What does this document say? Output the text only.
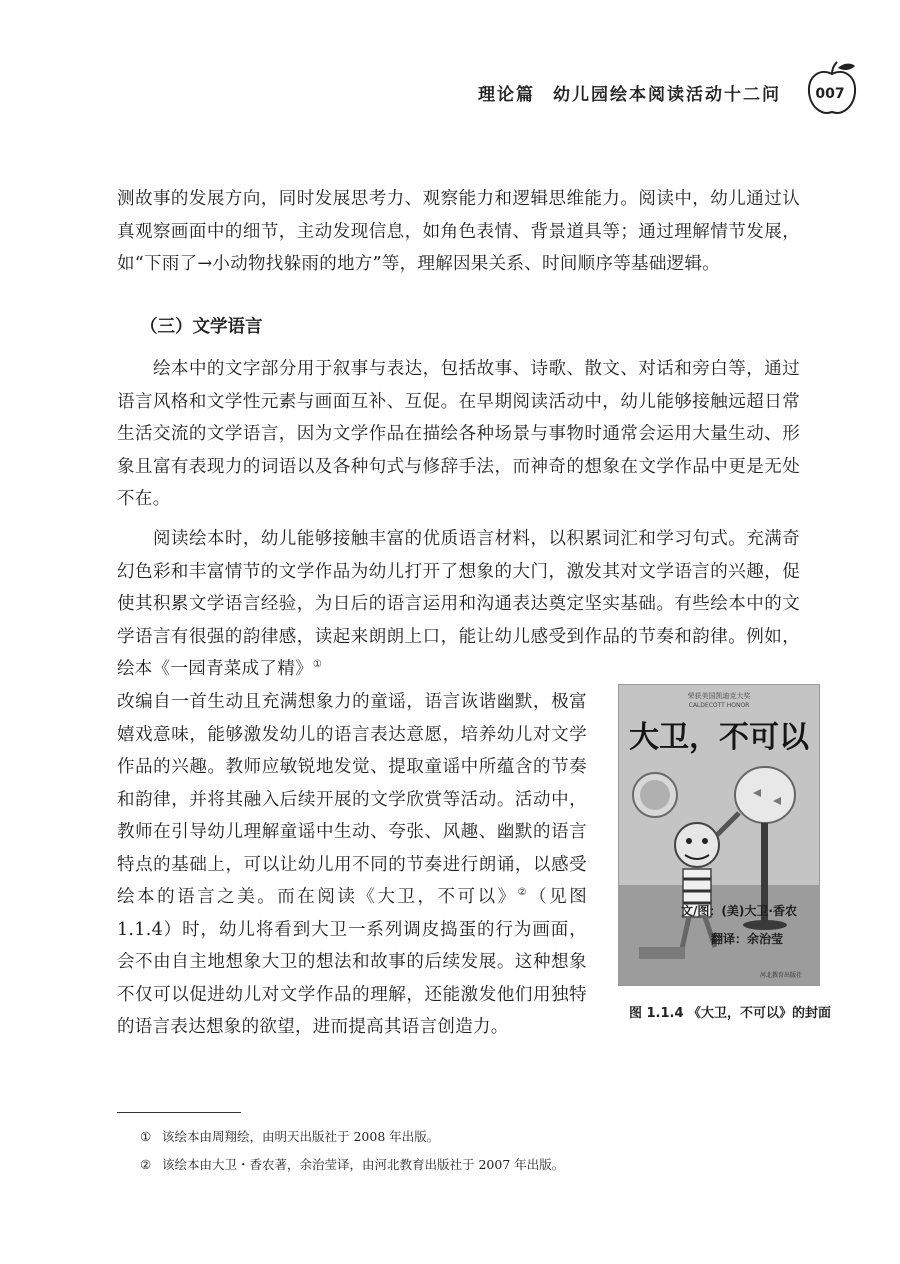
理论篇 幼儿园绘本阅读活动十二问	007

测故事的发展方向，同时发展思考力、观察能力和逻辑思维能力。阅读中，幼儿通过认真观察画面中的细节，主动发现信息，如角色表情、背景道具等；通过理解情节发展，如“下雨了→小动物找躲雨的地方”等，理解因果关系、时间顺序等基础逻辑。

（三）文学语言

绘本中的文字部分用于叙事与表达，包括故事、诗歌、散文、对话和旁白等，通过语言风格和文学性元素与画面互补、互促。在早期阅读活动中，幼儿能够接触远超日常生活交流的文学语言，因为文学作品在描绘各种场景与事物时通常会运用大量生动、形象且富有表现力的词语以及各种句式与修辞手法，而神奇的想象在文学作品中更是无处不在。

阅读绘本时，幼儿能够接触丰富的优质语言材料，以积累词汇和学习句式。充满奇幻色彩和丰富情节的文学作品为幼儿打开了想象的大门，激发其对文学语言的兴趣，促使其积累文学语言经验，为日后的语言运用和沟通表达奠定坚实基础。有些绘本中的文学语言有很强的韵律感，读起来朗朗上口，能让幼儿感受到作品的节奏和韵律。例如，绘本《一园青菜成了精》①

改编自一首生动且充满想象力的童谣，语言诙谐幽默，极富嬉戏意味，能够激发幼儿的语言表达意愿，培养幼儿对文学作品的兴趣。教师应敏锐地发觉、提取童谣中所蕴含的节奏和韵律，并将其融入后续开展的文学欣赏等活动。活动中，教师在引导幼儿理解童谣中生动、夸张、风趣、幽默的语言特点的基础上，可以让幼儿用不同的节奏进行朗诵，以感受绘本的语言之美。而在阅读《大卫，不可以》②（见图 1.1.4）时，幼儿将看到大卫一系列调皮捣蛋的行为画面，会不由自主地想象大卫的想法和故事的后续发展。这种想象不仅可以促进幼儿对文学作品的理解，还能激发他们用独特的语言表达想象的欲望，进而提高其语言创造力。

荣获美国凯迪克大奖
CALDECOTT HONOR
大卫，不可以
文/图：(美)大卫·香农
翻译：余治莹
河北教育出版社
图 1.1.4 《大卫，不可以》的封面

① 该绘本由周翔绘，由明天出版社于 2008 年出版。

② 该绘本由大卫・香农著，余治莹译，由河北教育出版社于 2007 年出版。
